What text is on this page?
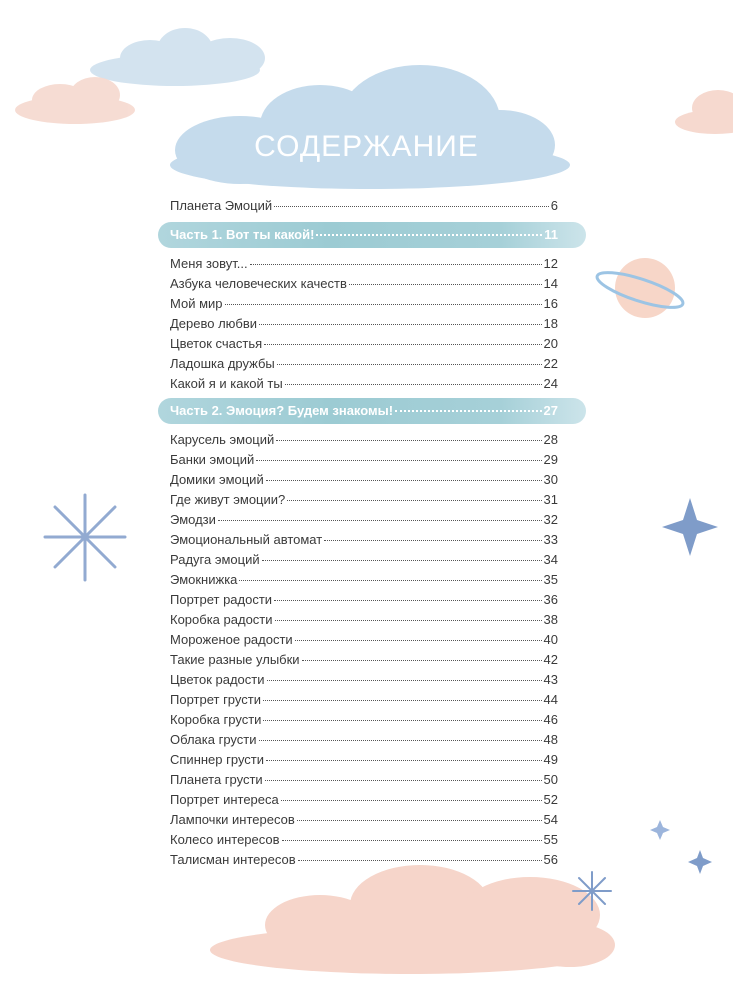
СОДЕРЖАНИЕ
Планета Эмоций	6
Часть 1. Вот ты какой!	11
Меня зовут...	12
Азбука человеческих качеств	14
Мой мир	16
Дерево любви	18
Цветок счастья	20
Ладошка дружбы	22
Какой я и какой ты	24
Часть 2. Эмоция? Будем знакомы!	27
Карусель эмоций	28
Банки эмоций	29
Домики эмоций	30
Где живут эмоции?	31
Эмодзи	32
Эмоциональный автомат	33
Радуга эмоций	34
Эмокнижка	35
Портрет радости	36
Коробка радости	38
Мороженое радости	40
Такие разные улыбки	42
Цветок радости	43
Портрет грусти	44
Коробка грусти	46
Облака грусти	48
Спиннер грусти	49
Планета грусти	50
Портрет интереса	52
Лампочки интересов	54
Колесо интересов	55
Талисман интересов	56
